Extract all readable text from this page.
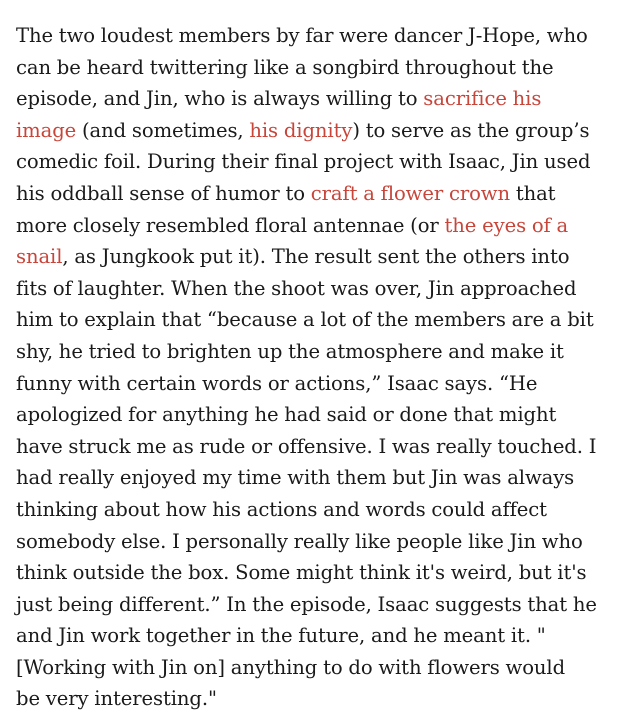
The two loudest members by far were dancer J-Hope, who
can be heard twittering like a songbird throughout the
episode, and Jin, who is always willing to sacrifice his
image (and sometimes, his dignity) to serve as the group’s
comedic foil. During their final project with Isaac, Jin used
his oddball sense of humor to craft a flower crown that
more closely resembled floral antennae (or the eyes of a
snail, as Jungkook put it). The result sent the others into
fits of laughter. When the shoot was over, Jin approached
him to explain that “because a lot of the members are a bit
shy, he tried to brighten up the atmosphere and make it
funny with certain words or actions,” Isaac says. “He
apologized for anything he had said or done that might
have struck me as rude or offensive. I was really touched. I
had really enjoyed my time with them but Jin was always
thinking about how his actions and words could affect
somebody else. I personally really like people like Jin who
think outside the box. Some might think it's weird, but it's
just being different.” In the episode, Isaac suggests that he
and Jin work together in the future, and he meant it. "
[Working with Jin on] anything to do with flowers would
be very interesting."
